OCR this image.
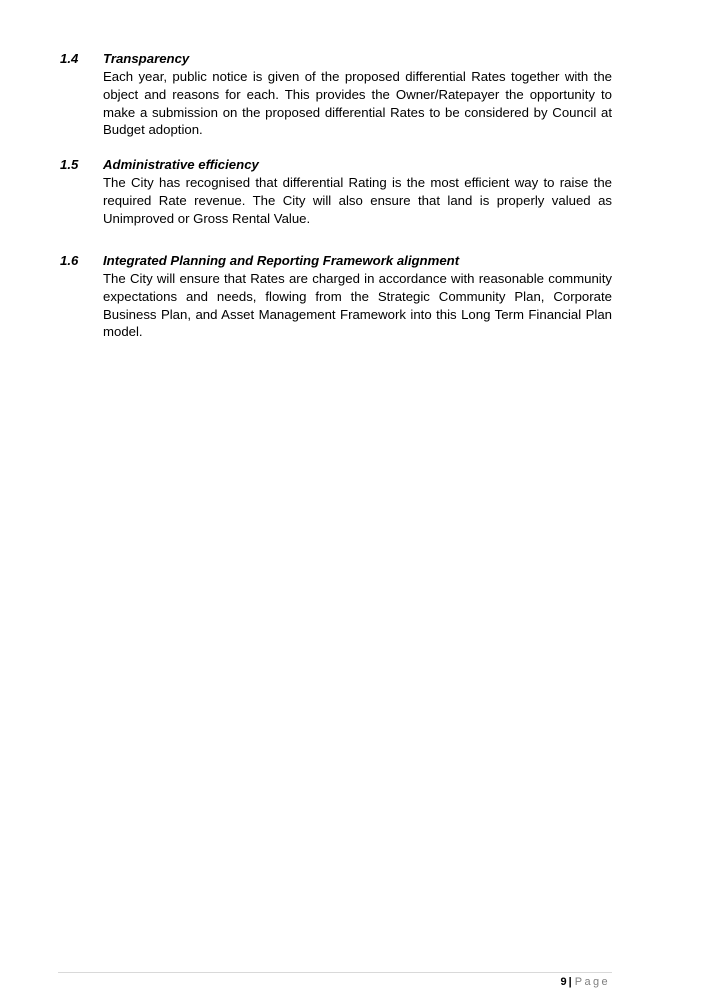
1.4 Transparency

Each year, public notice is given of the proposed differential Rates together with the object and reasons for each. This provides the Owner/Ratepayer the opportunity to make a submission on the proposed differential Rates to be considered by Council at Budget adoption.

1.5 Administrative efficiency

The City has recognised that differential Rating is the most efficient way to raise the required Rate revenue. The City will also ensure that land is properly valued as Unimproved or Gross Rental Value.

1.6 Integrated Planning and Reporting Framework alignment

The City will ensure that Rates are charged in accordance with reasonable community expectations and needs, flowing from the Strategic Community Plan, Corporate Business Plan, and Asset Management Framework into this Long Term Financial Plan model.

9 | Page
